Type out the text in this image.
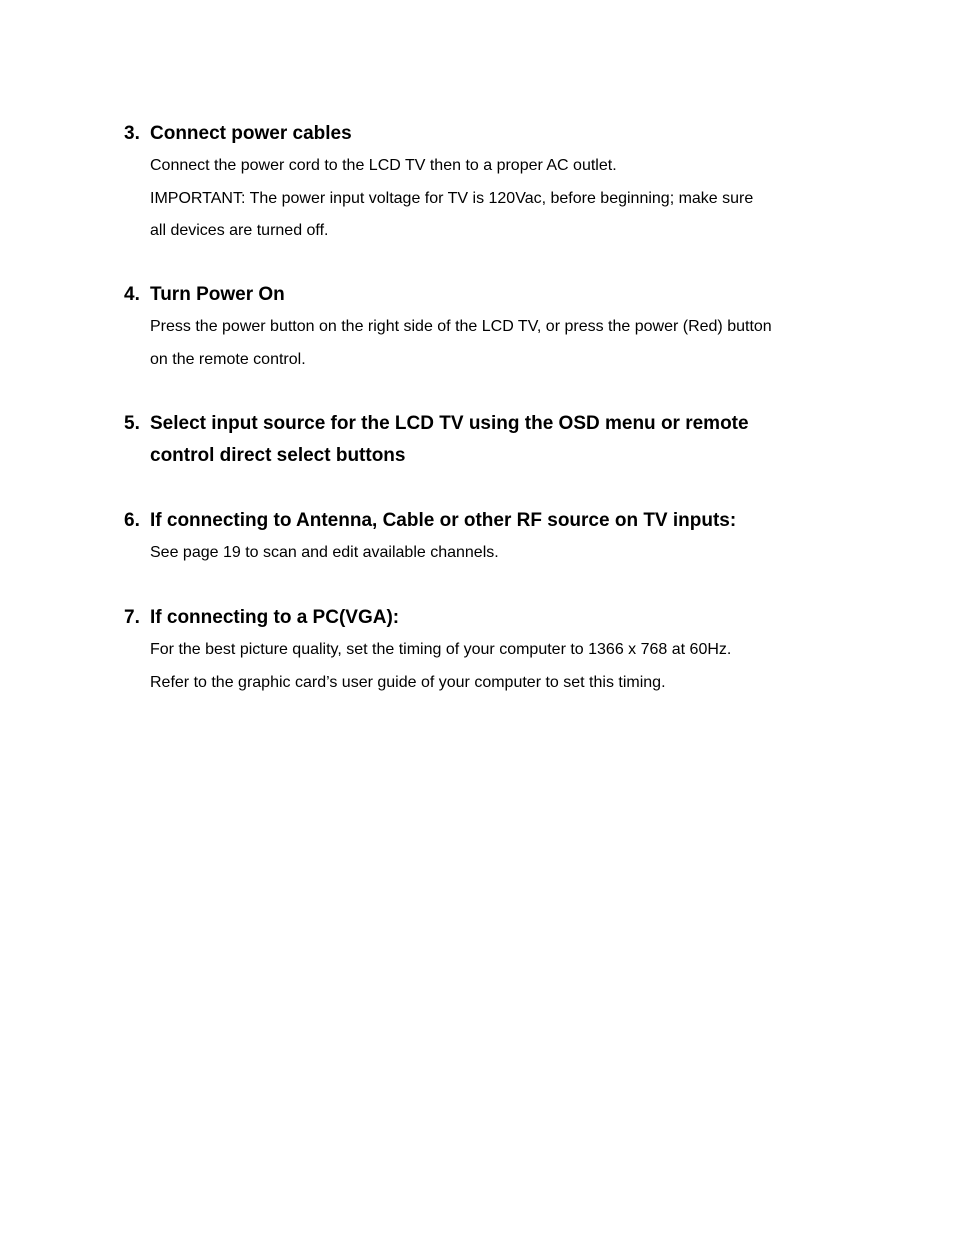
3. Connect power cables

Connect the power cord to the LCD TV then to a proper AC outlet.

IMPORTANT: The power input voltage for TV is 120Vac, before beginning; make sure

all devices are turned off.

4. Turn Power On

Press the power button on the right side of the LCD TV, or press the power (Red) button

on the remote control.

5. Select input source for the LCD TV using the OSD menu or remote
control direct select buttons
6. If connecting to Antenna, Cable or other RF source on TV inputs:

See page 19 to scan and edit available channels.

7. If connecting to a PC(VGA):

For the best picture quality, set the timing of your computer to 1366 x 768 at 60Hz.

Refer to the graphic card’s user guide of your computer to set this timing.
